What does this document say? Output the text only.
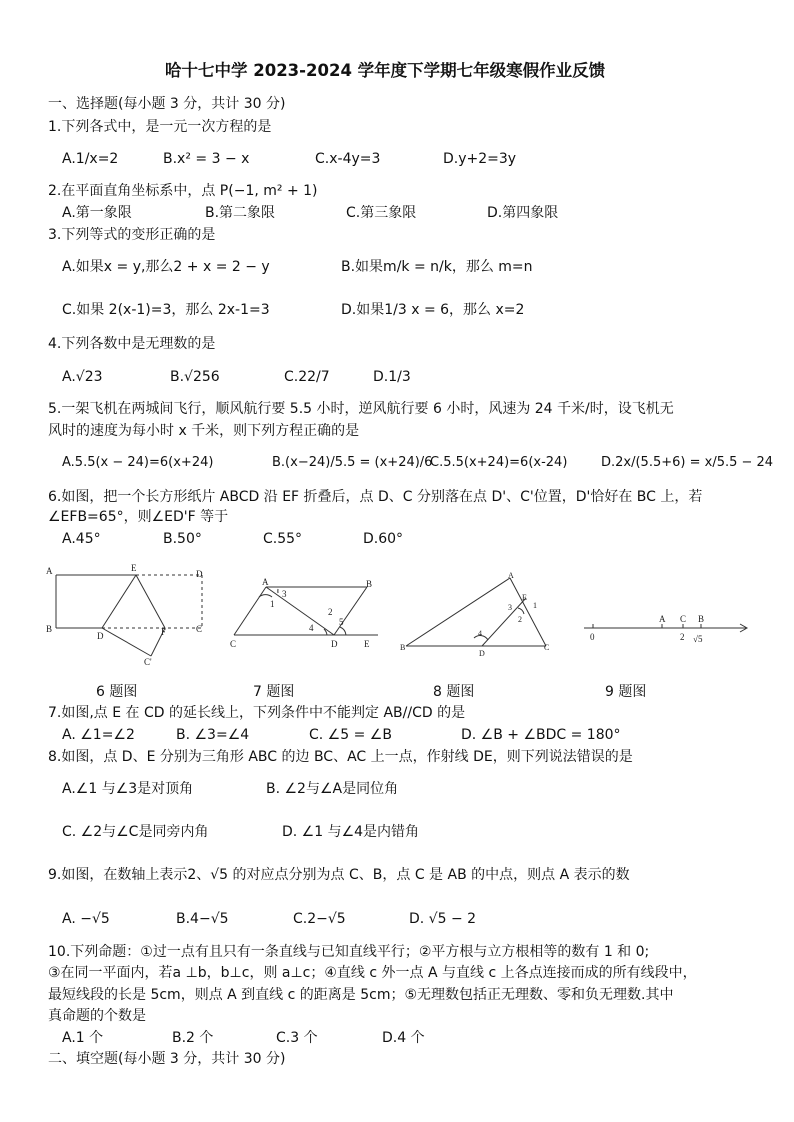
哈十七中学 2023-2024 学年度下学期七年级寒假作业反馈
一、选择题(每小题 3 分，共计 30 分)
1.下列各式中，是一元一次方程的是
A.1/x=2	B.x² = 3 − x	C.x-4y=3	D.y+2=3y
2.在平面直角坐标系中，点 P(−1, m² + 1)
A.第一象限	B.第二象限	C.第三象限	D.第四象限
3.下列等式的变形正确的是
A.如果x = y,那么2 + x = 2 − y	B.如果m/k = n/k，那么 m=n
C.如果 2(x-1)=3，那么 2x-1=3	D.如果1/3 x = 6，那么 x=2
4.下列各数中是无理数的是
A.√23	B.√256	C.22/7	D.1/3
5.一架飞机在两城间飞行，顺风航行要 5.5 小时，逆风航行要 6 小时，风速为 24 千米/时，设飞机无
风时的速度为每小时 x 千米，则下列方程正确的是
A.5.5(x − 24)=6(x+24)	B.(x−24)/5.5 = (x+24)/6
C.5.5(x+24)=6(x-24)	D.2x/(5.5+6) = x/5.5 − 24
6.如图，把一个长方形纸片 ABCD 沿 EF 折叠后，点 D、C 分别落在点 D'、C'位置，D'恰好在 BC 上，若
∠EFB=65°，则∠ED'F 等于
A.45°	B.50°	C.55°	D.60°
A	E
D
B
D	F	C
C'
A	B
C	D	E
1
2
3
4
5
A
B	C
D
E
1
2
3
4	0
A C B
2 √5
6 题图	7 题图	8 题图	9 题图
7.如图,点 E 在 CD 的延长线上，下列条件中不能判定 AB//CD 的是
A. ∠1=∠2	B. ∠3=∠4	C. ∠5 = ∠B	D. ∠B + ∠BDC = 180°
8.如图，点 D、E 分别为三角形 ABC 的边 BC、AC 上一点，作射线 DE，则下列说法错误的是
A.∠1 与∠3是对顶角	B. ∠2与∠A是同位角
C. ∠2与∠C是同旁内角	D. ∠1 与∠4是内错角
9.如图，在数轴上表示2、√5 的对应点分别为点 C、B，点 C 是 AB 的中点，则点 A 表示的数
A. −√5	B.4−√5	C.2−√5	D. √5 − 2
10.下列命题：①过一点有且只有一条直线与已知直线平行；②平方根与立方根相等的数有 1 和 0;
③在同一平面内，若a ⊥b，b⊥c，则 a⊥c；④直线 c 外一点 A 与直线 c 上各点连接而成的所有线段中，
最短线段的长是 5cm，则点 A 到直线 c 的距离是 5cm；⑤无理数包括正无理数、零和负无理数.其中
真命题的个数是
A.1 个	B.2 个	C.3 个	D.4 个
二、填空题(每小题 3 分，共计 30 分)
